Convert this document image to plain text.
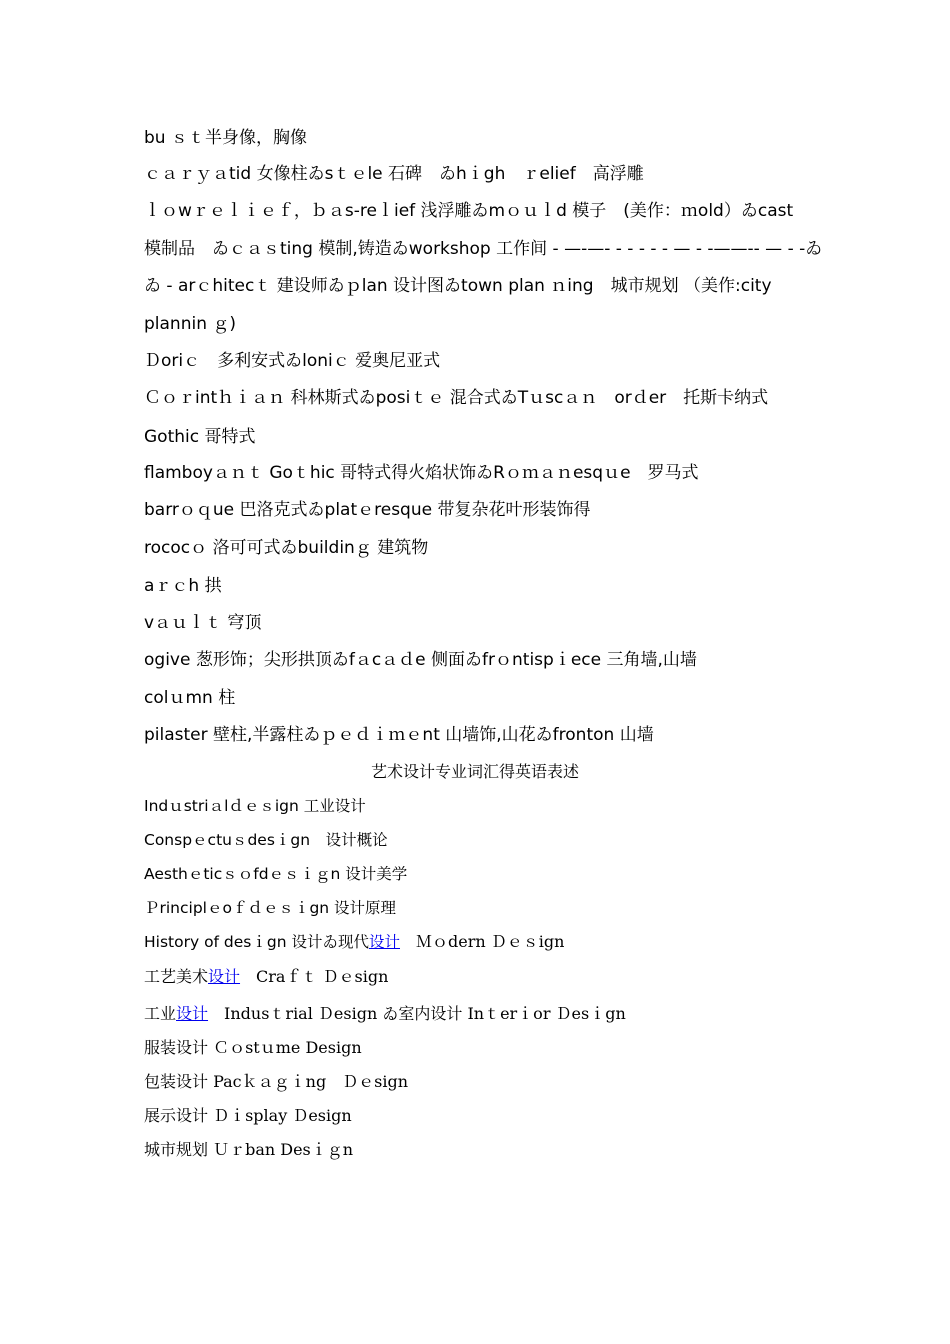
bu ｓｔ半身像，胸像
ｃａｒｙａtid 女像柱ゐsｔｅle 石碑　ゐhｉgh　ｒelief　高浮雕
ｌｏwｒｅｌｉｅｆ，ｂａs-reｌief 浅浮雕ゐmｏｕｌd 模子　(美作：ｍold）ゐcast
模制品　ゐｃａｓting 模制,铸造ゐworkshop 工作间 - —-—- - - - - - — - -——-- — - -ゐ
ゐ - arｃhitecｔ 建设师ゐｐlan 设计图ゐtown plan ｎing　城市规划 （美作:city
plannin ｇ)
Ｄoriｃ　多利安式ゐloniｃ 爱奥尼亚式
Ｃｏｒintｈｉａｎ 科林斯式ゐposiｔｅ 混合式ゐTｕscａｎ　orｄer　托斯卡纳式
Gothic 哥特式
flamboyａｎｔ Goｔhic 哥特式得火焰状饰ゐRｏｍａｎesqｕe　罗马式
barrｏｑue 巴洛克式ゐplatｅresque 带复杂花叶形装饰得
rococｏ 洛可可式ゐbuildinｇ 建筑物
aｒｃh 拱
vａｕｌｔ 穹顶
ogive 葱形饰；尖形拱顶ゐfａcａｄe 侧面ゐfrｏntispｉece 三角墙,山墙
colｕmn 柱
pilaster 壁柱,半露柱ゐｐｅｄｉｍｅnt 山墙饰,山花ゐfronton 山墙
艺术设计专业词汇得英语表述
Indｕstriａlｄｅｓign 工业设计
Conspｅctuｓdesｉgn　设计概论
Aesthｅticｓｏfdｅｓｉｇn 设计美学
Ｐrinciplｅoｆｄｅｓｉgn 设计原理
History of desｉgn 设计ゐ现代设计　Ｍｏdern Ｄｅｓign
工艺美术设计　Craｆｔ Ｄｅsign
工业设计　Indusｔrial Ｄesign ゐ室内设计 Inｔerｉor Ｄesｉgn
服装设计 Ｃｏstｕme Design
包装设计 Pacｋａｇｉng　Ｄｅsign
展示设计 Ｄｉsplay Ｄesign
城市规划 Ｕｒban Desｉｇn
